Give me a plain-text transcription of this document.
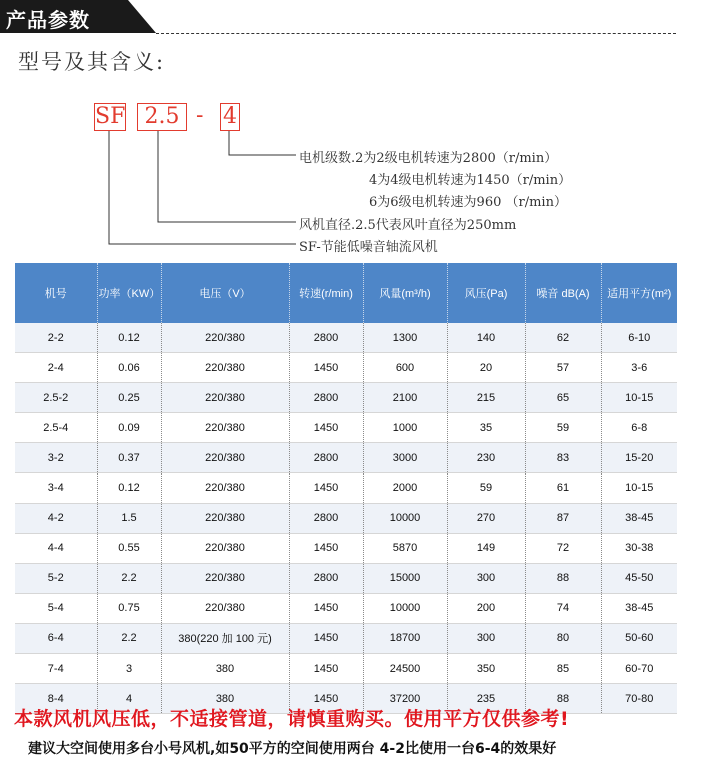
产品参数
型号及其含义:
SF 2.5 - 4
电机级数.2为2级电机转速为2800（r/min）
4为4级电机转速为1450（r/min）
6为6级电机转速为960 （r/min）
风机直径.2.5代表风叶直径为250mm
SF-节能低噪音轴流风机
机号	功率（KW）	电压（V）	转速(r/min)	风量(m³/h)	风压(Pa)	噪音 dB(A)	适用平方(m²)
2-2	0.12	220/380	2800	1300	140	62	6-10
2-4	0.06	220/380	1450	600	20	57	3-6
2.5-2	0.25	220/380	2800	2100	215	65	10-15
2.5-4	0.09	220/380	1450	1000	35	59	6-8
3-2	0.37	220/380	2800	3000	230	83	15-20
3-4	0.12	220/380	1450	2000	59	61	10-15
4-2	1.5	220/380	2800	10000	270	87	38-45
4-4	0.55	220/380	1450	5870	149	72	30-38
5-2	2.2	220/380	2800	15000	300	88	45-50
5-4	0.75	220/380	1450	10000	200	74	38-45
6-4	2.2	380(220 加 100 元)	1450	18700	300	80	50-60
7-4	3	380	1450	24500	350	85	60-70
8-4	4	380	1450	37200	235	88	70-80
本款风机风压低，不适接管道，请慎重购买。使用平方仅供参考!
建议大空间使用多台小号风机,如50平方的空间使用两台 4-2比使用一台6-4的效果好
